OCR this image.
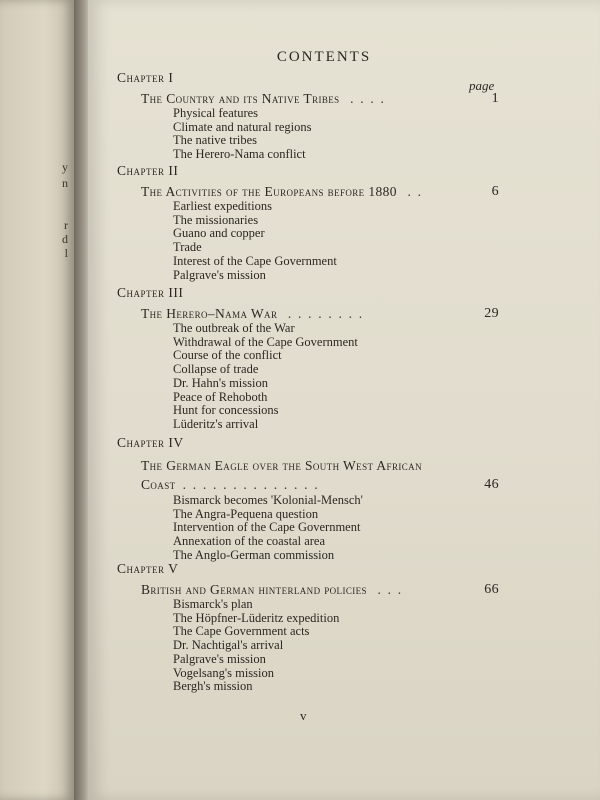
y
n
r
d
l
CONTENTS
page
Chapter I
The Country and its Native Tribes   .  .  .  .	1
Physical features
Climate and natural regions
The native tribes
The Herero-Nama conflict
Chapter II
The Activities of the Europeans before 1880   .  .	6
Earliest expeditions
The missionaries
Guano and copper
Trade
Interest of the Cape Government
Palgrave's mission
Chapter III
The Herero–Nama War   .  .  .  .  .  .  .  .	29
The outbreak of the War
Withdrawal of the Cape Government
Course of the conflict
Collapse of trade
Dr. Hahn's mission
Peace of Rehoboth
Hunt for concessions
Lüderitz's arrival
Chapter IV
The German Eagle over the South West African
Coast  .  .  .  .  .  .  .  .  .  .  .  .  .  .	46
Bismarck becomes 'Kolonial-Mensch'
The Angra-Pequena question
Intervention of the Cape Government
Annexation of the coastal area
The Anglo-German commission
Chapter V
British and German hinterland policies   .  .  .	66
Bismarck's plan
The Höpfner-Lüderitz expedition
The Cape Government acts
Dr. Nachtigal's arrival
Palgrave's mission
Vogelsang's mission
Bergh's mission
v
